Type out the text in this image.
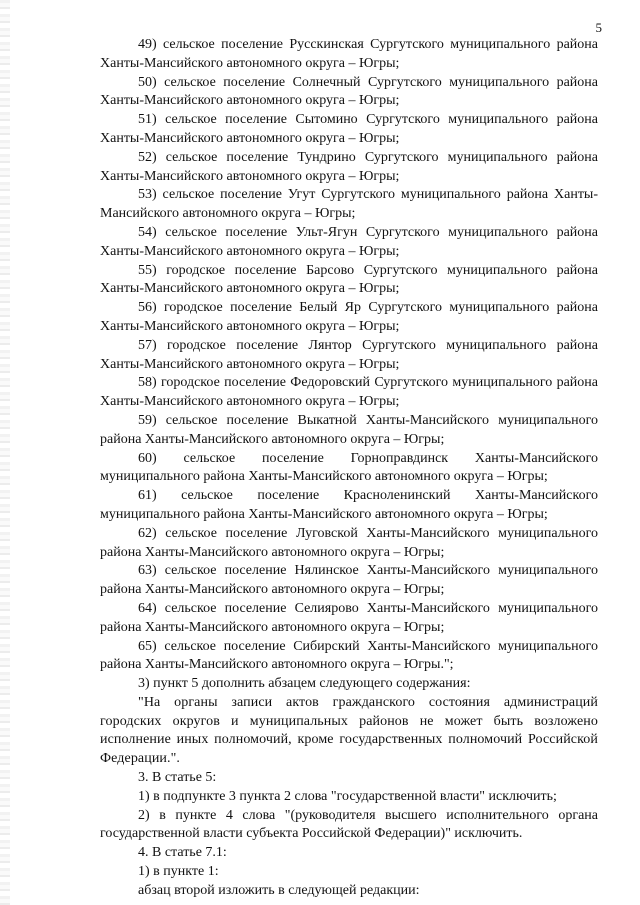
5

49) сельское поселение Русскинская Сургутского муниципального района Ханты-Мансийского автономного округа – Югры;

50) сельское поселение Солнечный Сургутского муниципального района Ханты-Мансийского автономного округа – Югры;

51) сельское поселение Сытомино Сургутского муниципального района Ханты-Мансийского автономного округа – Югры;

52) сельское поселение Тундрино Сургутского муниципального района Ханты-Мансийского автономного округа – Югры;

53) сельское поселение Угут Сургутского муниципального района Ханты-Мансийского автономного округа – Югры;

54) сельское поселение Ульт-Ягун Сургутского муниципального района Ханты-Мансийского автономного округа – Югры;

55) городское поселение Барсово Сургутского муниципального района Ханты-Мансийского автономного округа – Югры;

56) городское поселение Белый Яр Сургутского муниципального района Ханты-Мансийского автономного округа – Югры;

57) городское поселение Лянтор Сургутского муниципального района Ханты-Мансийского автономного округа – Югры;

58) городское поселение Федоровский Сургутского муниципального района Ханты-Мансийского автономного округа – Югры;

59) сельское поселение Выкатной Ханты-Мансийского муниципального района Ханты-Мансийского автономного округа – Югры;

60) сельское поселение Горноправдинск Ханты-Мансийского муниципального района Ханты-Мансийского автономного округа – Югры;

61) сельское поселение Красноленинский Ханты-Мансийского муниципального района Ханты-Мансийского автономного округа – Югры;

62) сельское поселение Луговской Ханты-Мансийского муниципального района Ханты-Мансийского автономного округа – Югры;

63) сельское поселение Нялинское Ханты-Мансийского муниципального района Ханты-Мансийского автономного округа – Югры;

64) сельское поселение Селиярово Ханты-Мансийского муниципального района Ханты-Мансийского автономного округа – Югры;

65) сельское поселение Сибирский Ханты-Мансийского муниципального района Ханты-Мансийского автономного округа – Югры.";

3) пункт 5 дополнить абзацем следующего содержания:

"На органы записи актов гражданского состояния администраций городских округов и муниципальных районов не может быть возложено исполнение иных полномочий, кроме государственных полномочий Российской Федерации.".

3. В статье 5:

1) в подпункте 3 пункта 2 слова "государственной власти" исключить;

2) в пункте 4 слова "(руководителя высшего исполнительного органа государственной власти субъекта Российской Федерации)" исключить.

4. В статье 7.1:

1) в пункте 1:

абзац второй изложить в следующей редакции:
